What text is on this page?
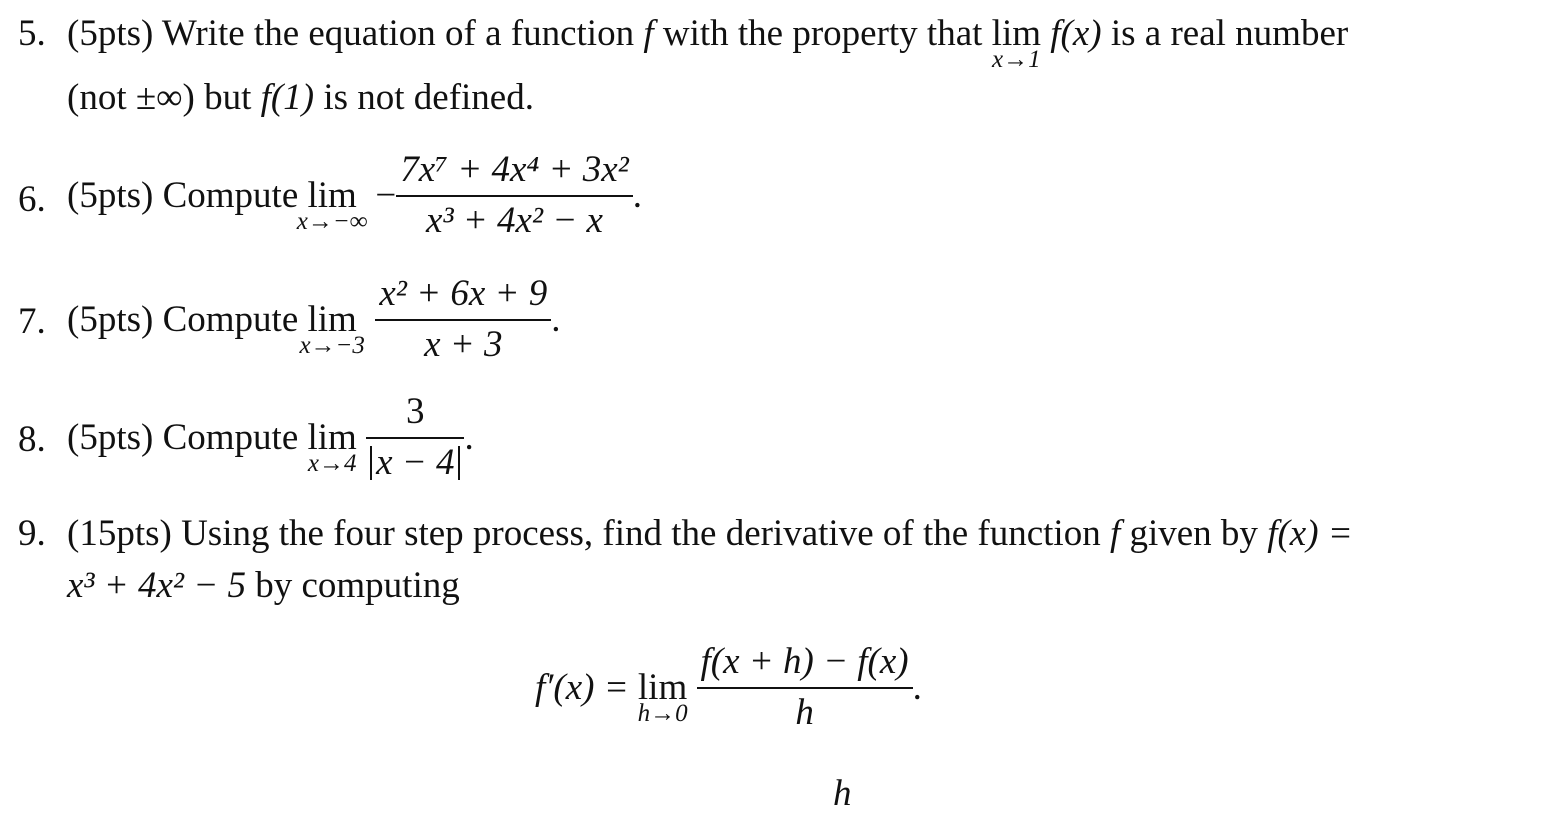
5. (5pts) Write the equation of a function f with the property that lim
x→1
f(x) is a real number
(not ±∞) but f(1) is not defined.
6. (5pts)
Compute
lim
x→−∞

− $\frac{\text{7x⁷ + 4x⁴ + 3x²}}{\text{x³ + 4x² − x}}$ .
7. (5pts)
Compute
lim
x→−3
$\frac{\text{x² + 6x + 9}}{x + 3}$ .
8. (5pts)
Compute
lim
x→4
$\frac{3}{x - 4}$ .
9. (15pts) Using the four step process, find the derivative of the function f given by f(x) =
x³ + 4x² − 5 by computing
f′(x) =
lim
h→0
$\frac{f(x + h) - f(x)}{h}$ .
h
